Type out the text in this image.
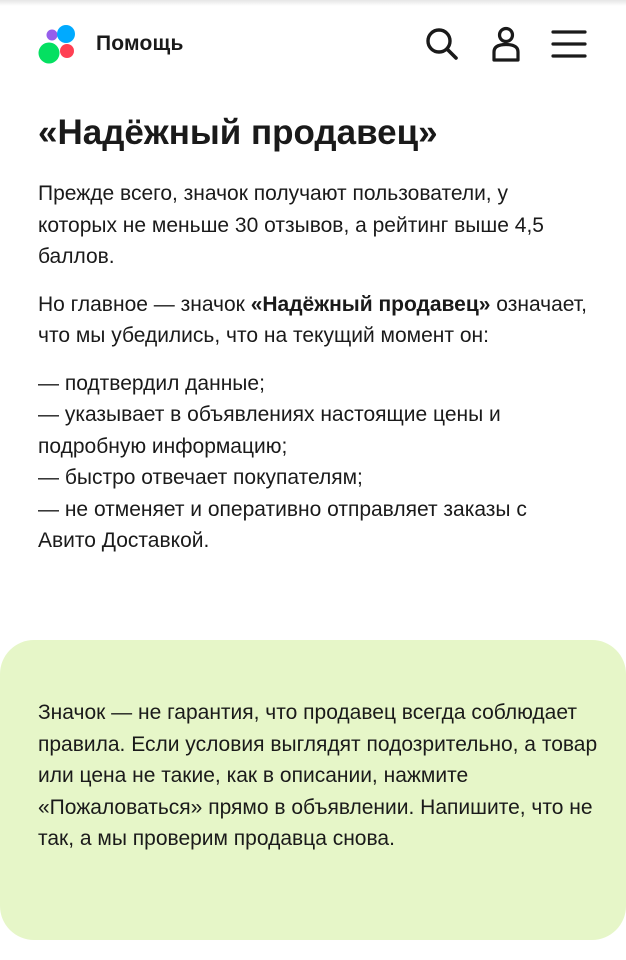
Помощь
«Надёжный продавец»

Прежде всего, значок получают пользователи, у которых не меньше 30 отзывов, а рейтинг выше 4,5 баллов.

Но главное — значок «Надёжный продавец» означает, что мы убедились, что на текущий момент он:

— подтвердил данные;
— указывает в объявлениях настоящие цены и подробную информацию;
— быстро отвечает покупателям;
— не отменяет и оперативно отправляет заказы с Авито Доставкой.

Значок — не гарантия, что продавец всегда соблюдает правила. Если условия выглядят подозрительно, а товар или цена не такие, как в описании, нажмите «Пожаловаться» прямо в объявлении. Напишите, что не так, а мы проверим продавца снова.
